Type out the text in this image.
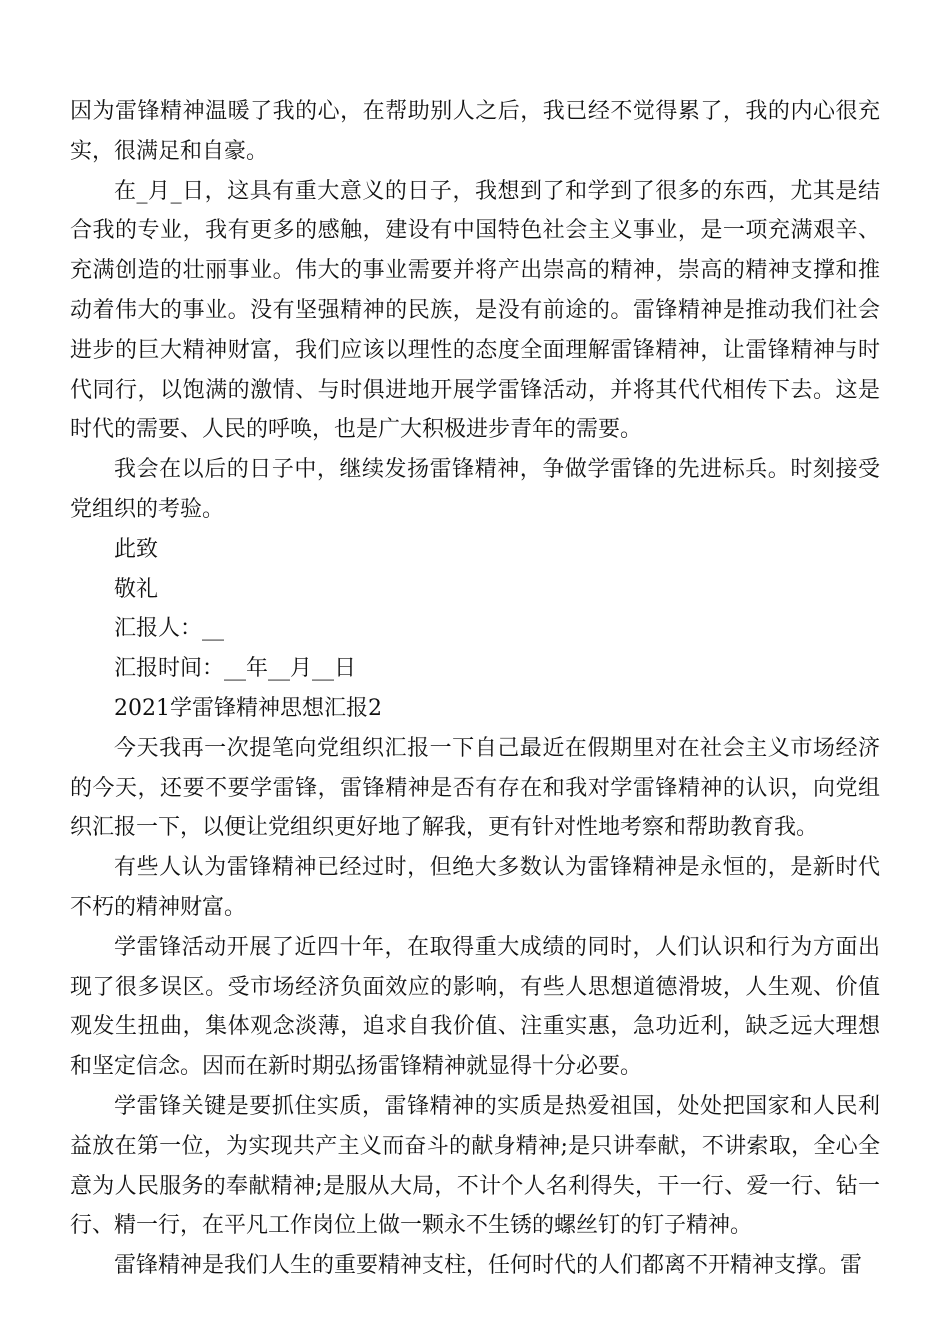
因为雷锋精神温暖了我的心，在帮助别人之后，我已经不觉得累了，我的内心很充实，很满足和自豪。

在_月_日，这具有重大意义的日子，我想到了和学到了很多的东西，尤其是结合我的专业，我有更多的感触，建设有中国特色社会主义事业，是一项充满艰辛、充满创造的壮丽事业。伟大的事业需要并将产出崇高的精神，崇高的精神支撑和推动着伟大的事业。没有坚强精神的民族，是没有前途的。雷锋精神是推动我们社会进步的巨大精神财富，我们应该以理性的态度全面理解雷锋精神，让雷锋精神与时代同行，以饱满的激情、与时俱进地开展学雷锋活动，并将其代代相传下去。这是时代的需要、人民的呼唤，也是广大积极进步青年的需要。

我会在以后的日子中，继续发扬雷锋精神，争做学雷锋的先进标兵。时刻接受党组织的考验。

此致

敬礼

汇报人：__

汇报时间：__年__月__日

2021学雷锋精神思想汇报2

今天我再一次提笔向党组织汇报一下自己最近在假期里对在社会主义市场经济的今天，还要不要学雷锋，雷锋精神是否有存在和我对学雷锋精神的认识，向党组织汇报一下，以便让党组织更好地了解我，更有针对性地考察和帮助教育我。

有些人认为雷锋精神已经过时，但绝大多数认为雷锋精神是永恒的，是新时代不朽的精神财富。

学雷锋活动开展了近四十年，在取得重大成绩的同时，人们认识和行为方面出现了很多误区。受市场经济负面效应的影响，有些人思想道德滑坡，人生观、价值观发生扭曲，集体观念淡薄，追求自我价值、注重实惠，急功近利，缺乏远大理想和坚定信念。因而在新时期弘扬雷锋精神就显得十分必要。

学雷锋关键是要抓住实质，雷锋精神的实质是热爱祖国，处处把国家和人民利益放在第一位，为实现共产主义而奋斗的献身精神;是只讲奉献，不讲索取，全心全意为人民服务的奉献精神;是服从大局，不计个人名利得失，干一行、爱一行、钻一行、精一行，在平凡工作岗位上做一颗永不生锈的螺丝钉的钉子精神。

雷锋精神是我们人生的重要精神支柱，任何时代的人们都离不开精神支撑。雷
